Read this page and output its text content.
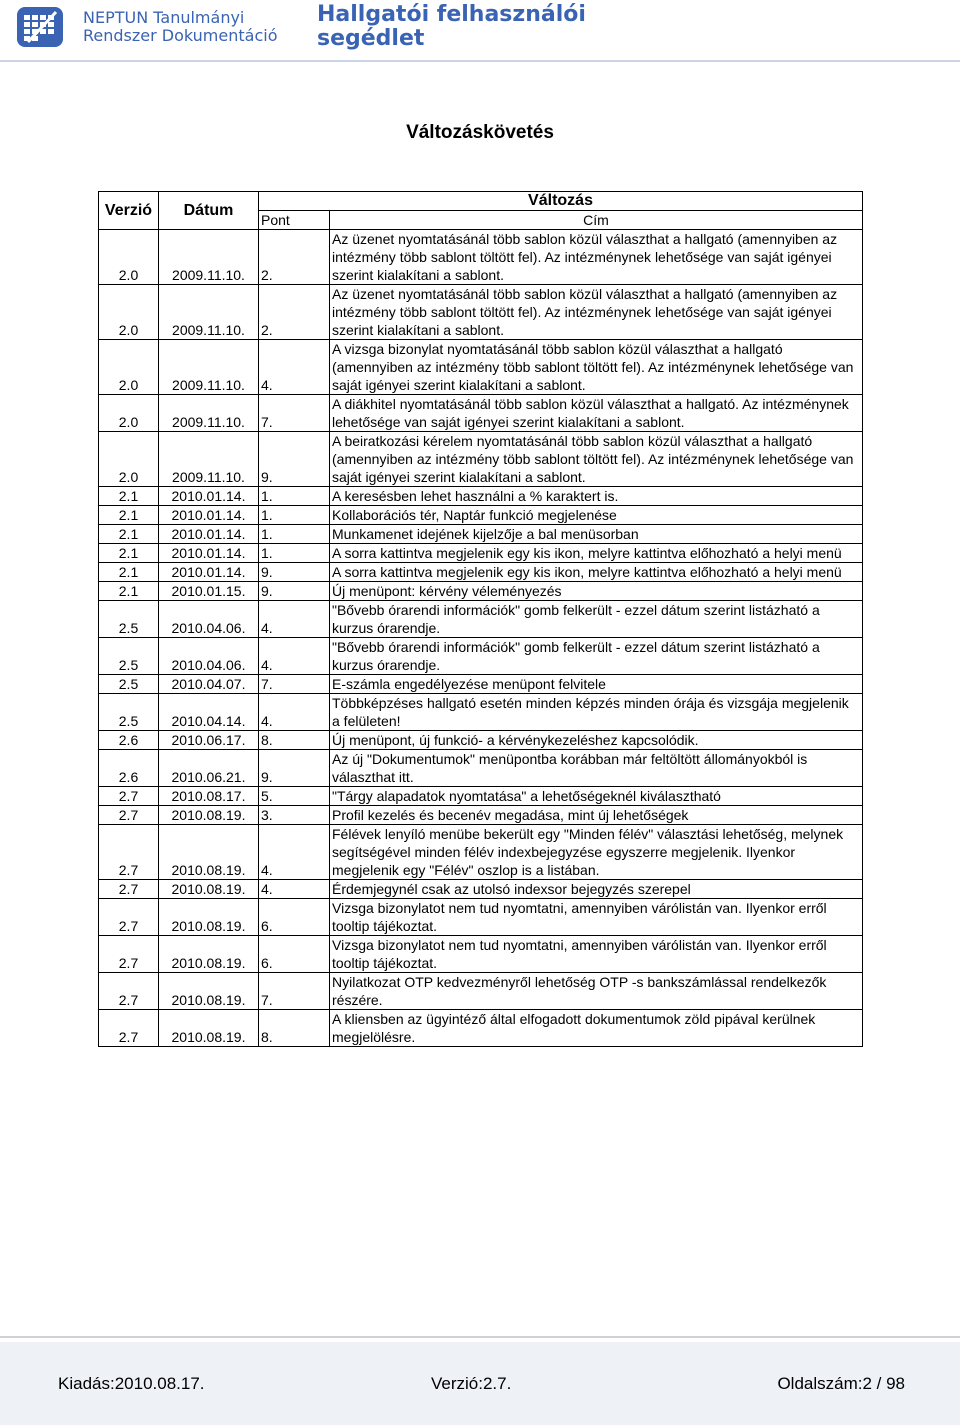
NEPTUN Tanulmányi
Rendszer Dokumentáció
Hallgatói felhasználói
segédlet
Változáskövetés
Verzió	Dátum	Változás	
		Pont	Cím
2.0	2009.11.10.	2.	Az üzenet nyomtatásánál több sablon közül választhat a hallgató (amennyiben az intézmény több sablont töltött fel). Az intézménynek lehetősége van saját igényei szerint kialakítani a sablont.
2.0	2009.11.10.	2.	Az üzenet nyomtatásánál több sablon közül választhat a hallgató (amennyiben az intézmény több sablont töltött fel). Az intézménynek lehetősége van saját igényei szerint kialakítani a sablont.
2.0	2009.11.10.	4.	A vizsga bizonylat nyomtatásánál több sablon közül választhat a hallgató (amennyiben az intézmény több sablont töltött fel). Az intézménynek lehetősége van saját igényei szerint kialakítani a sablont.
2.0	2009.11.10.	7.	A diákhitel nyomtatásánál több sablon közül választhat a hallgató. Az intézménynek lehetősége van saját igényei szerint kialakítani a sablont.
2.0	2009.11.10.	9.	A beiratkozási kérelem nyomtatásánál több sablon közül választhat a hallgató (amennyiben az intézmény több sablont töltött fel). Az intézménynek lehetősége van saját igényei szerint kialakítani a sablont.
2.1	2010.01.14.	1.	A keresésben lehet használni a % karaktert is.
2.1	2010.01.14.	1.	Kollaborációs tér, Naptár funkció megjelenése
2.1	2010.01.14.	1.	Munkamenet idejének kijelzője a bal menüsorban
2.1	2010.01.14.	1.	A sorra kattintva megjelenik egy kis ikon, melyre kattintva előhozható a helyi menü
2.1	2010.01.14.	9.	A sorra kattintva megjelenik egy kis ikon, melyre kattintva előhozható a helyi menü
2.1	2010.01.15.	9.	Új menüpont: kérvény véleményezés
2.5	2010.04.06.	4.	"Bővebb órarendi információk" gomb felkerült - ezzel dátum szerint listázható a kurzus órarendje.
2.5	2010.04.06.	4.	"Bővebb órarendi információk" gomb felkerült - ezzel dátum szerint listázható a kurzus órarendje.
2.5	2010.04.07.	7.	E-számla engedélyezése menüpont felvitele
2.5	2010.04.14.	4.	Többképzéses hallgató esetén minden képzés minden órája és vizsgája megjelenik a felületen!
2.6	2010.06.17.	8.	Új menüpont, új funkció- a kérvénykezeléshez kapcsolódik.
2.6	2010.06.21.	9.	Az új "Dokumentumok" menüpontba korábban már feltöltött állományokból is választhat itt.
2.7	2010.08.17.	5.	"Tárgy alapadatok nyomtatása" a lehetőségeknél kiválasztható
2.7	2010.08.19.	3.	Profil kezelés és becenév megadása, mint új lehetőségek
2.7	2010.08.19.	4.	Félévek lenyíló menübe bekerült egy "Minden félév" választási lehetőség, melynek segítségével minden félév indexbejegyzése egyszerre megjelenik. Ilyenkor megjelenik egy "Félév" oszlop is a listában.
2.7	2010.08.19.	4.	Érdemjegynél csak az utolsó indexsor bejegyzés szerepel
2.7	2010.08.19.	6.	Vizsga bizonylatot nem tud nyomtatni, amennyiben várólistán van. Ilyenkor erről tooltip tájékoztat.
2.7	2010.08.19.	6.	Vizsga bizonylatot nem tud nyomtatni, amennyiben várólistán van. Ilyenkor erről tooltip tájékoztat.
2.7	2010.08.19.	7.	Nyilatkozat OTP kedvezményről lehetőség OTP -s bankszámlással rendelkezők részére.
2.7	2010.08.19.	8.	A kliensben az ügyintéző által elfogadott dokumentumok zöld pipával kerülnek megjelölésre.
Kiadás:2010.08.17.	Verzió:2.7.	Oldalszám:2 / 98
